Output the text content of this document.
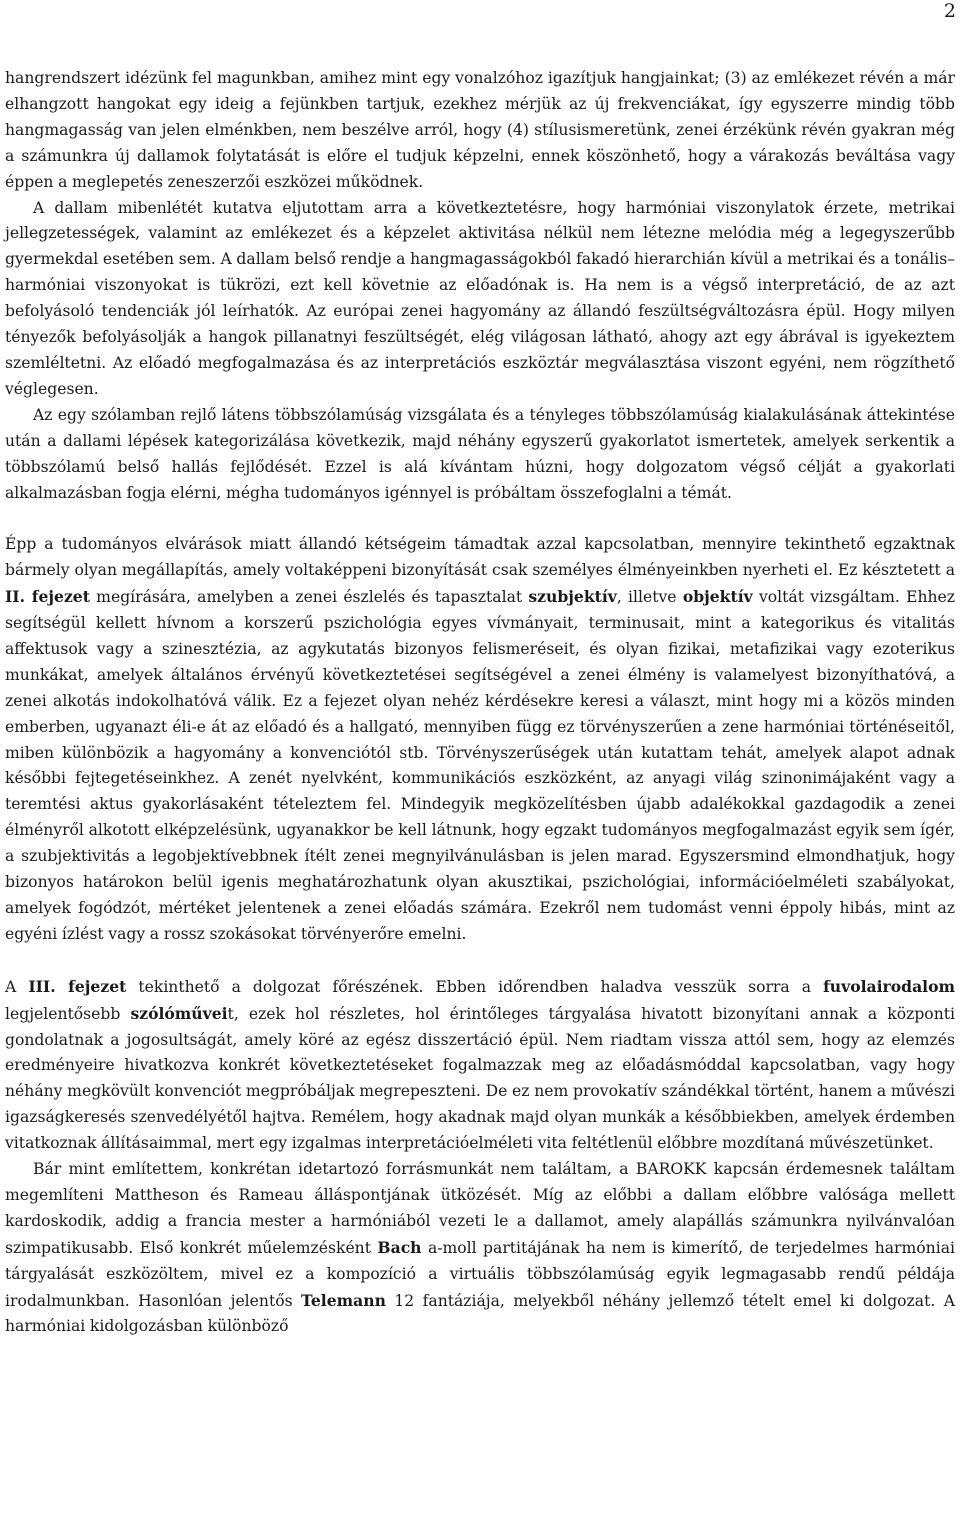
2

hangrendszert idézünk fel magunkban, amihez mint egy vonalzóhoz igazítjuk hangjainkat; (3) az emlékezet révén a már elhangzott hangokat egy ideig a fejünkben tartjuk, ezekhez mérjük az új frekvenciákat, így egyszerre mindig több hangmagasság van jelen elménkben, nem beszélve arról, hogy (4) stílusismeretünk, zenei érzékünk révén gyakran még a számunkra új dallamok folytatását is előre el tudjuk képzelni, ennek köszönhető, hogy a várakozás beváltása vagy éppen a meglepetés zeneszerzői eszközei működnek.

A dallam mibenlétét kutatva eljutottam arra a következtetésre, hogy harmóniai viszonylatok érzete, metrikai jellegzetességek, valamint az emlékezet és a képzelet aktivitása nélkül nem létezne melódia még a legegyszerűbb gyermekdal esetében sem. A dallam belső rendje a hangmagasságokból fakadó hierarchián kívül a metrikai és a tonális–harmóniai viszonyokat is tükrözi, ezt kell követnie az előadónak is. Ha nem is a végső interpretáció, de az azt befolyásoló tendenciák jól leírhatók. Az európai zenei hagyomány az állandó feszültségváltozásra épül. Hogy milyen tényezők befolyásolják a hangok pillanatnyi feszültségét, elég világosan látható, ahogy azt egy ábrával is igyekeztem szemléltetni. Az előadó megfogalmazása és az interpretációs eszköztár megválasztása viszont egyéni, nem rögzíthető véglegesen.

Az egy szólamban rejlő látens többszólamúság vizsgálata és a tényleges többszólamúság kialakulásának áttekintése után a dallami lépések kategorizálása következik, majd néhány egyszerű gyakorlatot ismertetek, amelyek serkentik a többszólamú belső hallás fejlődését. Ezzel is alá kívántam húzni, hogy dolgozatom végső célját a gyakorlati alkalmazásban fogja elérni, mégha tudományos igénnyel is próbáltam összefoglalni a témát.

Épp a tudományos elvárások miatt állandó kétségeim támadtak azzal kapcsolatban, mennyire tekinthető egzaktnak bármely olyan megállapítás, amely voltaképpeni bizonyítását csak személyes élményeinkben nyerheti el. Ez késztetett a II. fejezet megírására, amelyben a zenei észlelés és tapasztalat szubjektív, illetve objektív voltát vizsgáltam. Ehhez segítségül kellett hívnom a korszerű pszichológia egyes vívmányait, terminusait, mint a kategorikus és vitalitás affektusok vagy a szinesztézia, az agykutatás bizonyos felismeréseit, és olyan fizikai, metafizikai vagy ezoterikus munkákat, amelyek általános érvényű következtetései segítségével a zenei élmény is valamelyest bizonyíthatóvá, a zenei alkotás indokolhatóvá válik. Ez a fejezet olyan nehéz kérdésekre keresi a választ, mint hogy mi a közös minden emberben, ugyanazt éli-e át az előadó és a hallgató, mennyiben függ ez törvényszerűen a zene harmóniai történéseitől, miben különbözik a hagyomány a konvenciótól stb. Törvényszerűségek után kutattam tehát, amelyek alapot adnak későbbi fejtegetéseinkhez. A zenét nyelvként, kommunikációs eszközként, az anyagi világ szinonimájaként vagy a teremtési aktus gyakorlásaként tételeztem fel. Mindegyik megközelítésben újabb adalékokkal gazdagodik a zenei élményről alkotott elképzelésünk, ugyanakkor be kell látnunk, hogy egzakt tudományos megfogalmazást egyik sem ígér, a szubjektivitás a legobjektívebbnek ítélt zenei megnyilvánulásban is jelen marad. Egyszersmind elmondhatjuk, hogy bizonyos határokon belül igenis meghatározhatunk olyan akusztikai, pszichológiai, információelméleti szabályokat, amelyek fogódzót, mértéket jelentenek a zenei előadás számára. Ezekről nem tudomást venni éppoly hibás, mint az egyéni ízlést vagy a rossz szokásokat törvényerőre emelni.

A III. fejezet tekinthető a dolgozat főrészének. Ebben időrendben haladva vesszük sorra a fuvolairodalom legjelentősebb szólóműveit, ezek hol részletes, hol érintőleges tárgyalása hivatott bizonyítani annak a központi gondolatnak a jogosultságát, amely köré az egész disszertáció épül. Nem riadtam vissza attól sem, hogy az elemzés eredményeire hivatkozva konkrét következtetéseket fogalmazzak meg az előadásmóddal kapcsolatban, vagy hogy néhány megkövült konvenciót megpróbáljak megrepeszteni. De ez nem provokatív szándékkal történt, hanem a művészi igazságkeresés szenvedélyétől hajtva. Remélem, hogy akadnak majd olyan munkák a későbbiekben, amelyek érdemben vitatkoznak állításaimmal, mert egy izgalmas interpretációelméleti vita feltétlenül előbbre mozdítaná művészetünket.

Bár mint említettem, konkrétan idetartozó forrásmunkát nem találtam, a BAROKK kapcsán érdemesnek találtam megemlíteni Mattheson és Rameau álláspontjának ütközését. Míg az előbbi a dallam előbbre valósága mellett kardoskodik, addig a francia mester a harmóniából vezeti le a dallamot, amely alapállás számunkra nyilvánvalóan szimpatikusabb. Első konkrét műelemzésként Bach a-moll partitájának ha nem is kimerítő, de terjedelmes harmóniai tárgyalását eszközöltem, mivel ez a kompozíció a virtuális többszólamúság egyik legmagasabb rendű példája irodalmunkban. Hasonlóan jelentős Telemann 12 fantáziája, melyekből néhány jellemző tételt emel ki dolgozat. A harmóniai kidolgozásban különböző
